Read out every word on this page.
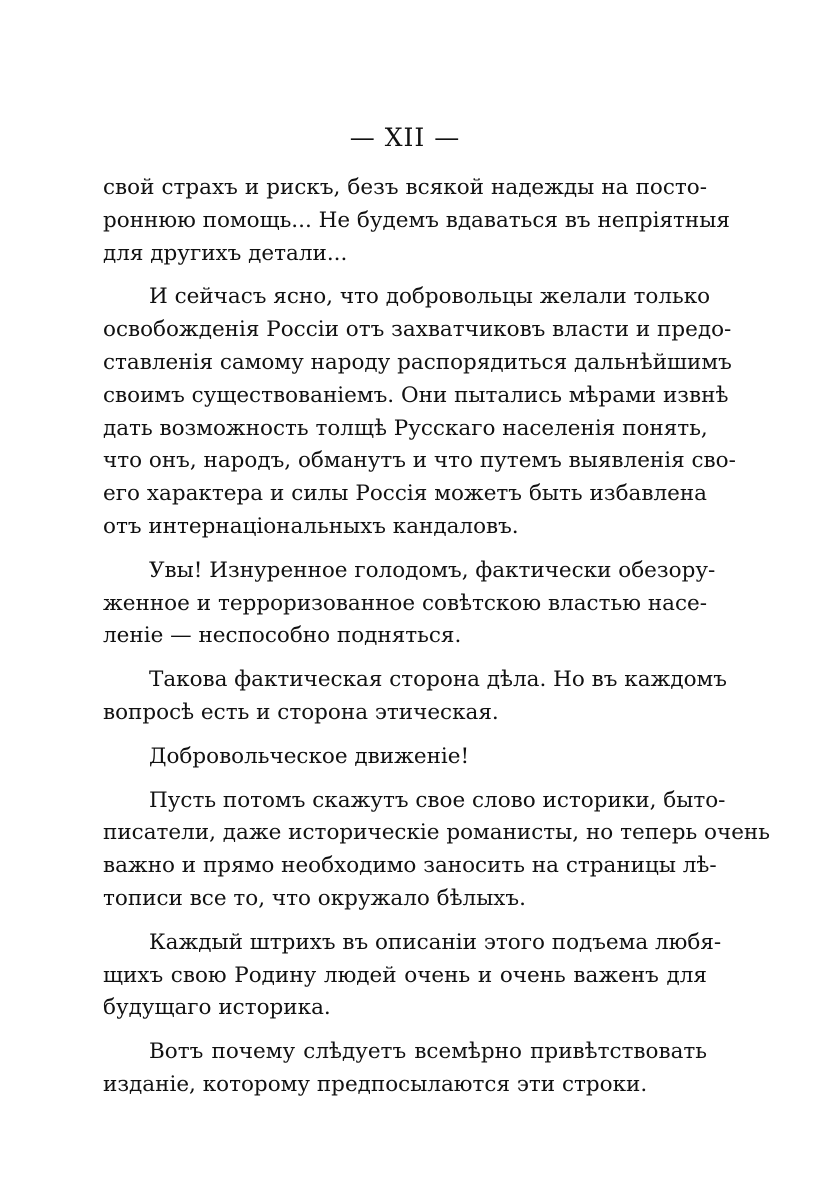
— XII —

свой страхъ и рискъ, безъ всякой надежды на посто-
роннюю помощь... Не будемъ вдаваться въ непріятныя
для другихъ детали...

И сейчасъ ясно, что добровольцы желали только
освобожденія Россіи отъ захватчиковъ власти и предо-
ставленія самому народу распорядиться дальнѣйшимъ
своимъ существованіемъ. Они пытались мѣрами извнѣ
дать возможность толщѣ Русскаго населенія понять,
что онъ, народъ, обманутъ и что путемъ выявленія сво-
его характера и силы Россія можетъ быть избавлена
отъ интернаціональныхъ кандаловъ.

Увы! Изнуренное голодомъ, фактически обезору-
женное и терроризованное совѣтскою властью насе-
леніе — неспособно подняться.

Такова фактическая сторона дѣла. Но въ каждомъ
вопросѣ есть и сторона этическая.

Добровольческое движеніе!

Пусть потомъ скажутъ свое слово историки, быто-
писатели, даже историческіе романисты, но теперь очень
важно и прямо необходимо заносить на страницы лѣ-
тописи все то, что окружало бѣлыхъ.

Каждый штрихъ въ описаніи этого подъема любя-
щихъ свою Родину людей очень и очень важенъ для
будущаго историка.

Вотъ почему слѣдуетъ всемѣрно привѣтствовать
изданіе, которому предпосылаются эти строки.
